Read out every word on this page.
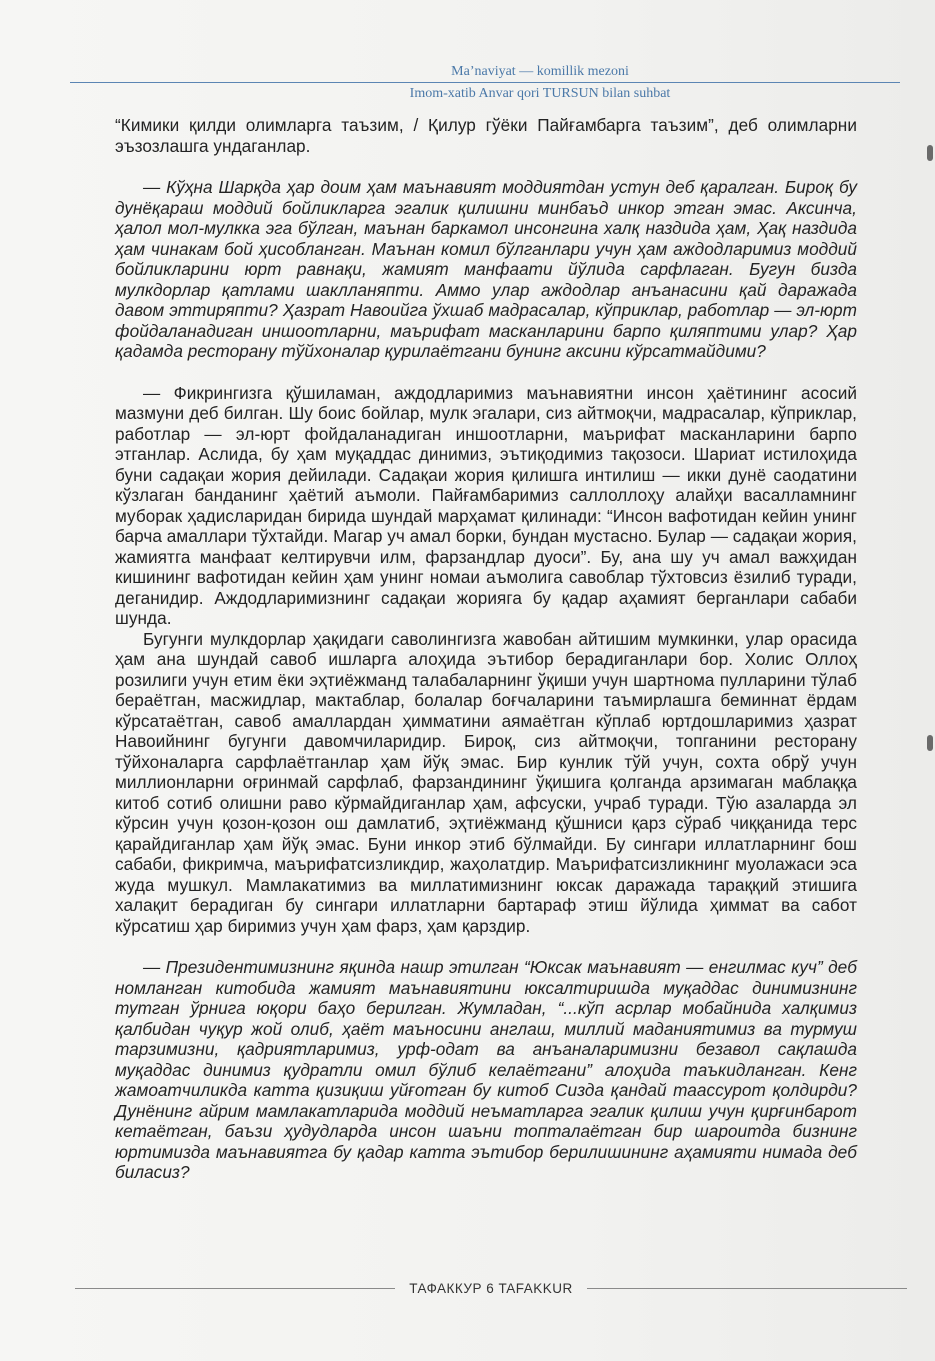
Ma’naviyat — komillik mezoni
Imom-xatib Anvar qori TURSUN bilan suhbat

“Кимики қилди олимларга таъзим, / Қилур гўёки Пайғамбарга таъзим”, деб олимларни эъзозлашга ундаганлар.

— Кўҳна Шарқда ҳар доим ҳам маънавият моддиятдан устун деб қаралган. Бироқ бу дунёқараш моддий бойликларга эгалик қилишни минбаъд инкор этган эмас. Аксинча, ҳалол мол-мулкка эга бўлган, маънан баркамол инсонгина халқ наздида ҳам, Ҳақ наздида ҳам чинакам бой ҳисобланган. Маънан комил бўлганлари учун ҳам аждодларимиз моддий бойликларини юрт равнақи, жамият манфаати йўлида сарфлаган. Бугун бизда мулкдорлар қатлами шаклланяпти. Аммо улар аждодлар анъанасини қай даражада давом эттиряпти? Ҳазрат Навоийга ўхшаб мадрасалар, кўприклар, работлар — эл-юрт фойдаланадиган иншоотларни, маърифат масканларини барпо қиляптими улар? Ҳар қадамда ресторану тўйхоналар қурилаётгани бунинг аксини кўрсатмайдими?

— Фикрингизга қўшиламан, аждодларимиз маънавиятни инсон ҳаётининг асосий мазмуни деб билган. Шу боис бойлар, мулк эгалари, сиз айтмоқчи, мадрасалар, кўприклар, работлар — эл-юрт фойдаланадиган иншоотларни, маърифат масканларини барпо этганлар. Аслида, бу ҳам муқаддас динимиз, эътиқодимиз тақозоси. Шариат истилоҳида буни садақаи жория дейилади. Садақаи жория қилишга интилиш — икки дунё саодатини кўзлаган банданинг ҳаётий аъмоли. Пайғамбаримиз саллоллоҳу алайҳи васалламнинг муборак ҳадисларидан бирида шундай марҳамат қилинади: “Инсон вафотидан кейин унинг барча амаллари тўхтайди. Магар уч амал борки, бундан мустасно. Булар — садақаи жория, жамиятга манфаат келтирувчи илм, фарзандлар дуоси”. Бу, ана шу уч амал важҳидан кишининг вафотидан кейин ҳам унинг номаи аъмолига савоблар тўхтовсиз ёзилиб туради, деганидир. Аждодларимизнинг садақаи жорияга бу қадар аҳамият берганлари сабаби шунда.

Бугунги мулкдорлар ҳақидаги саволингизга жавобан айтишим мумкинки, улар орасида ҳам ана шундай савоб ишларга алоҳида эътибор берадиганлари бор. Холис Оллоҳ розилиги учун етим ёки эҳтиёжманд талабаларнинг ўқиши учун шартнома пулларини тўлаб бераётган, масжидлар, мактаблар, болалар боғчаларини таъмирлашга беминнат ёрдам кўрсатаётган, савоб амаллардан ҳимматини аямаётган кўплаб юртдошларимиз ҳазрат Навоийнинг бугунги давомчиларидир. Бироқ, сиз айтмоқчи, топганини ресторану тўйхоналарга сарфлаётганлар ҳам йўқ эмас. Бир кунлик тўй учун, сохта обрў учун миллионларни оғринмай сарфлаб, фарзандининг ўқишига қолганда арзимаган маблаққа китоб сотиб олишни раво кўрмайдиганлар ҳам, афсуски, учраб туради. Тўю азаларда эл кўрсин учун қозон-қозон ош дамлатиб, эҳтиёжманд қўшниси қарз сўраб чиққанида терс қарайдиганлар ҳам йўқ эмас. Буни инкор этиб бўлмайди. Бу сингари иллатларнинг бош сабаби, фикримча, маърифатсизликдир, жаҳолатдир. Маърифатсизликнинг муолажаси эса жуда мушкул. Мамлакатимиз ва миллатимизнинг юксак даражада тараққий этишига халақит берадиган бу сингари иллатларни бартараф этиш йўлида ҳиммат ва сабот кўрсатиш ҳар биримиз учун ҳам фарз, ҳам қарздир.

— Президентимизнинг яқинда нашр этилган “Юксак маънавият — енгилмас куч” деб номланган китобида жамият маънавиятини юксалтиришда муқаддас динимизнинг тутган ўрнига юқори баҳо берилган. Жумладан, “...кўп асрлар мобайнида халқимиз қалбидан чуқур жой олиб, ҳаёт маъносини англаш, миллий маданиятимиз ва турмуш тарзимизни, қадриятларимиз, урф-одат ва анъаналаримизни безавол сақлашда муқаддас динимиз қудратли омил бўлиб келаётгани” алоҳида таъкидланган. Кенг жамоатчиликда катта қизиқиш уйғотган бу китоб Сизда қандай таассурот қолдирди? Дунёнинг айрим мамлакатларида моддий неъматларга эгалик қилиш учун қирғинбарот кетаётган, баъзи ҳудудларда инсон шаъни топталаётган бир шароитда бизнинг юртимизда маънавиятга бу қадар катта эътибор берилишининг аҳамияти нимада деб биласиз?

ТАФАККУР 6 TAFAKKUR
